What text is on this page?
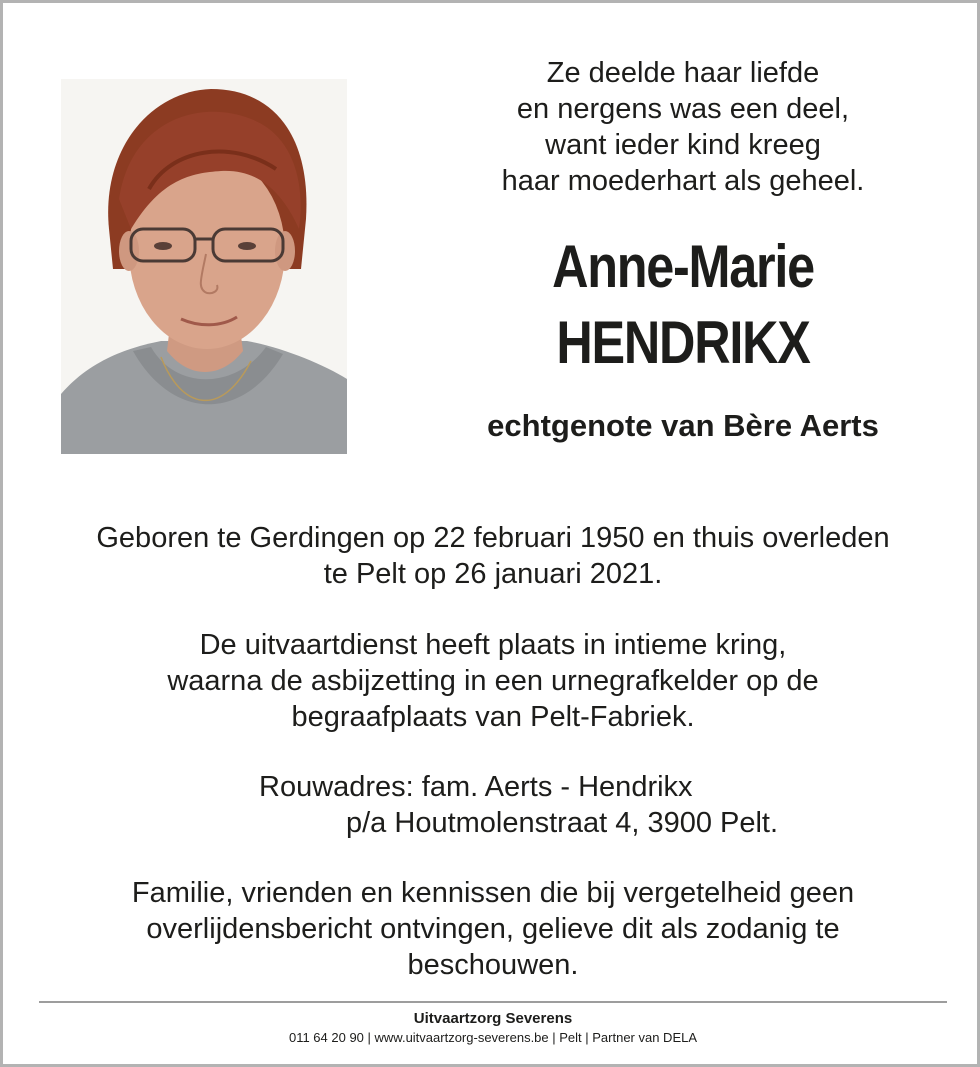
Ze deelde haar liefde
en nergens was een deel,
want ieder kind kreeg
haar moederhart als geheel.
Anne-Marie
HENDRIKX
echtgenote van Bère Aerts
Geboren te Gerdingen op 22 februari 1950 en thuis overleden
te Pelt op 26 januari 2021.
De uitvaartdienst heeft plaats in intieme kring,
waarna de asbijzetting in een urnegrafkelder op de
begraafplaats van Pelt-Fabriek.
Rouwadres: fam. Aerts - Hendrikx
p/a Houtmolenstraat 4, 3900 Pelt.
Familie, vrienden en kennissen die bij vergetelheid geen
overlijdensbericht ontvingen, gelieve dit als zodanig te
beschouwen.
Uitvaartzorg Severens
011 64 20 90 | www.uitvaartzorg-severens.be | Pelt | Partner van DELA
